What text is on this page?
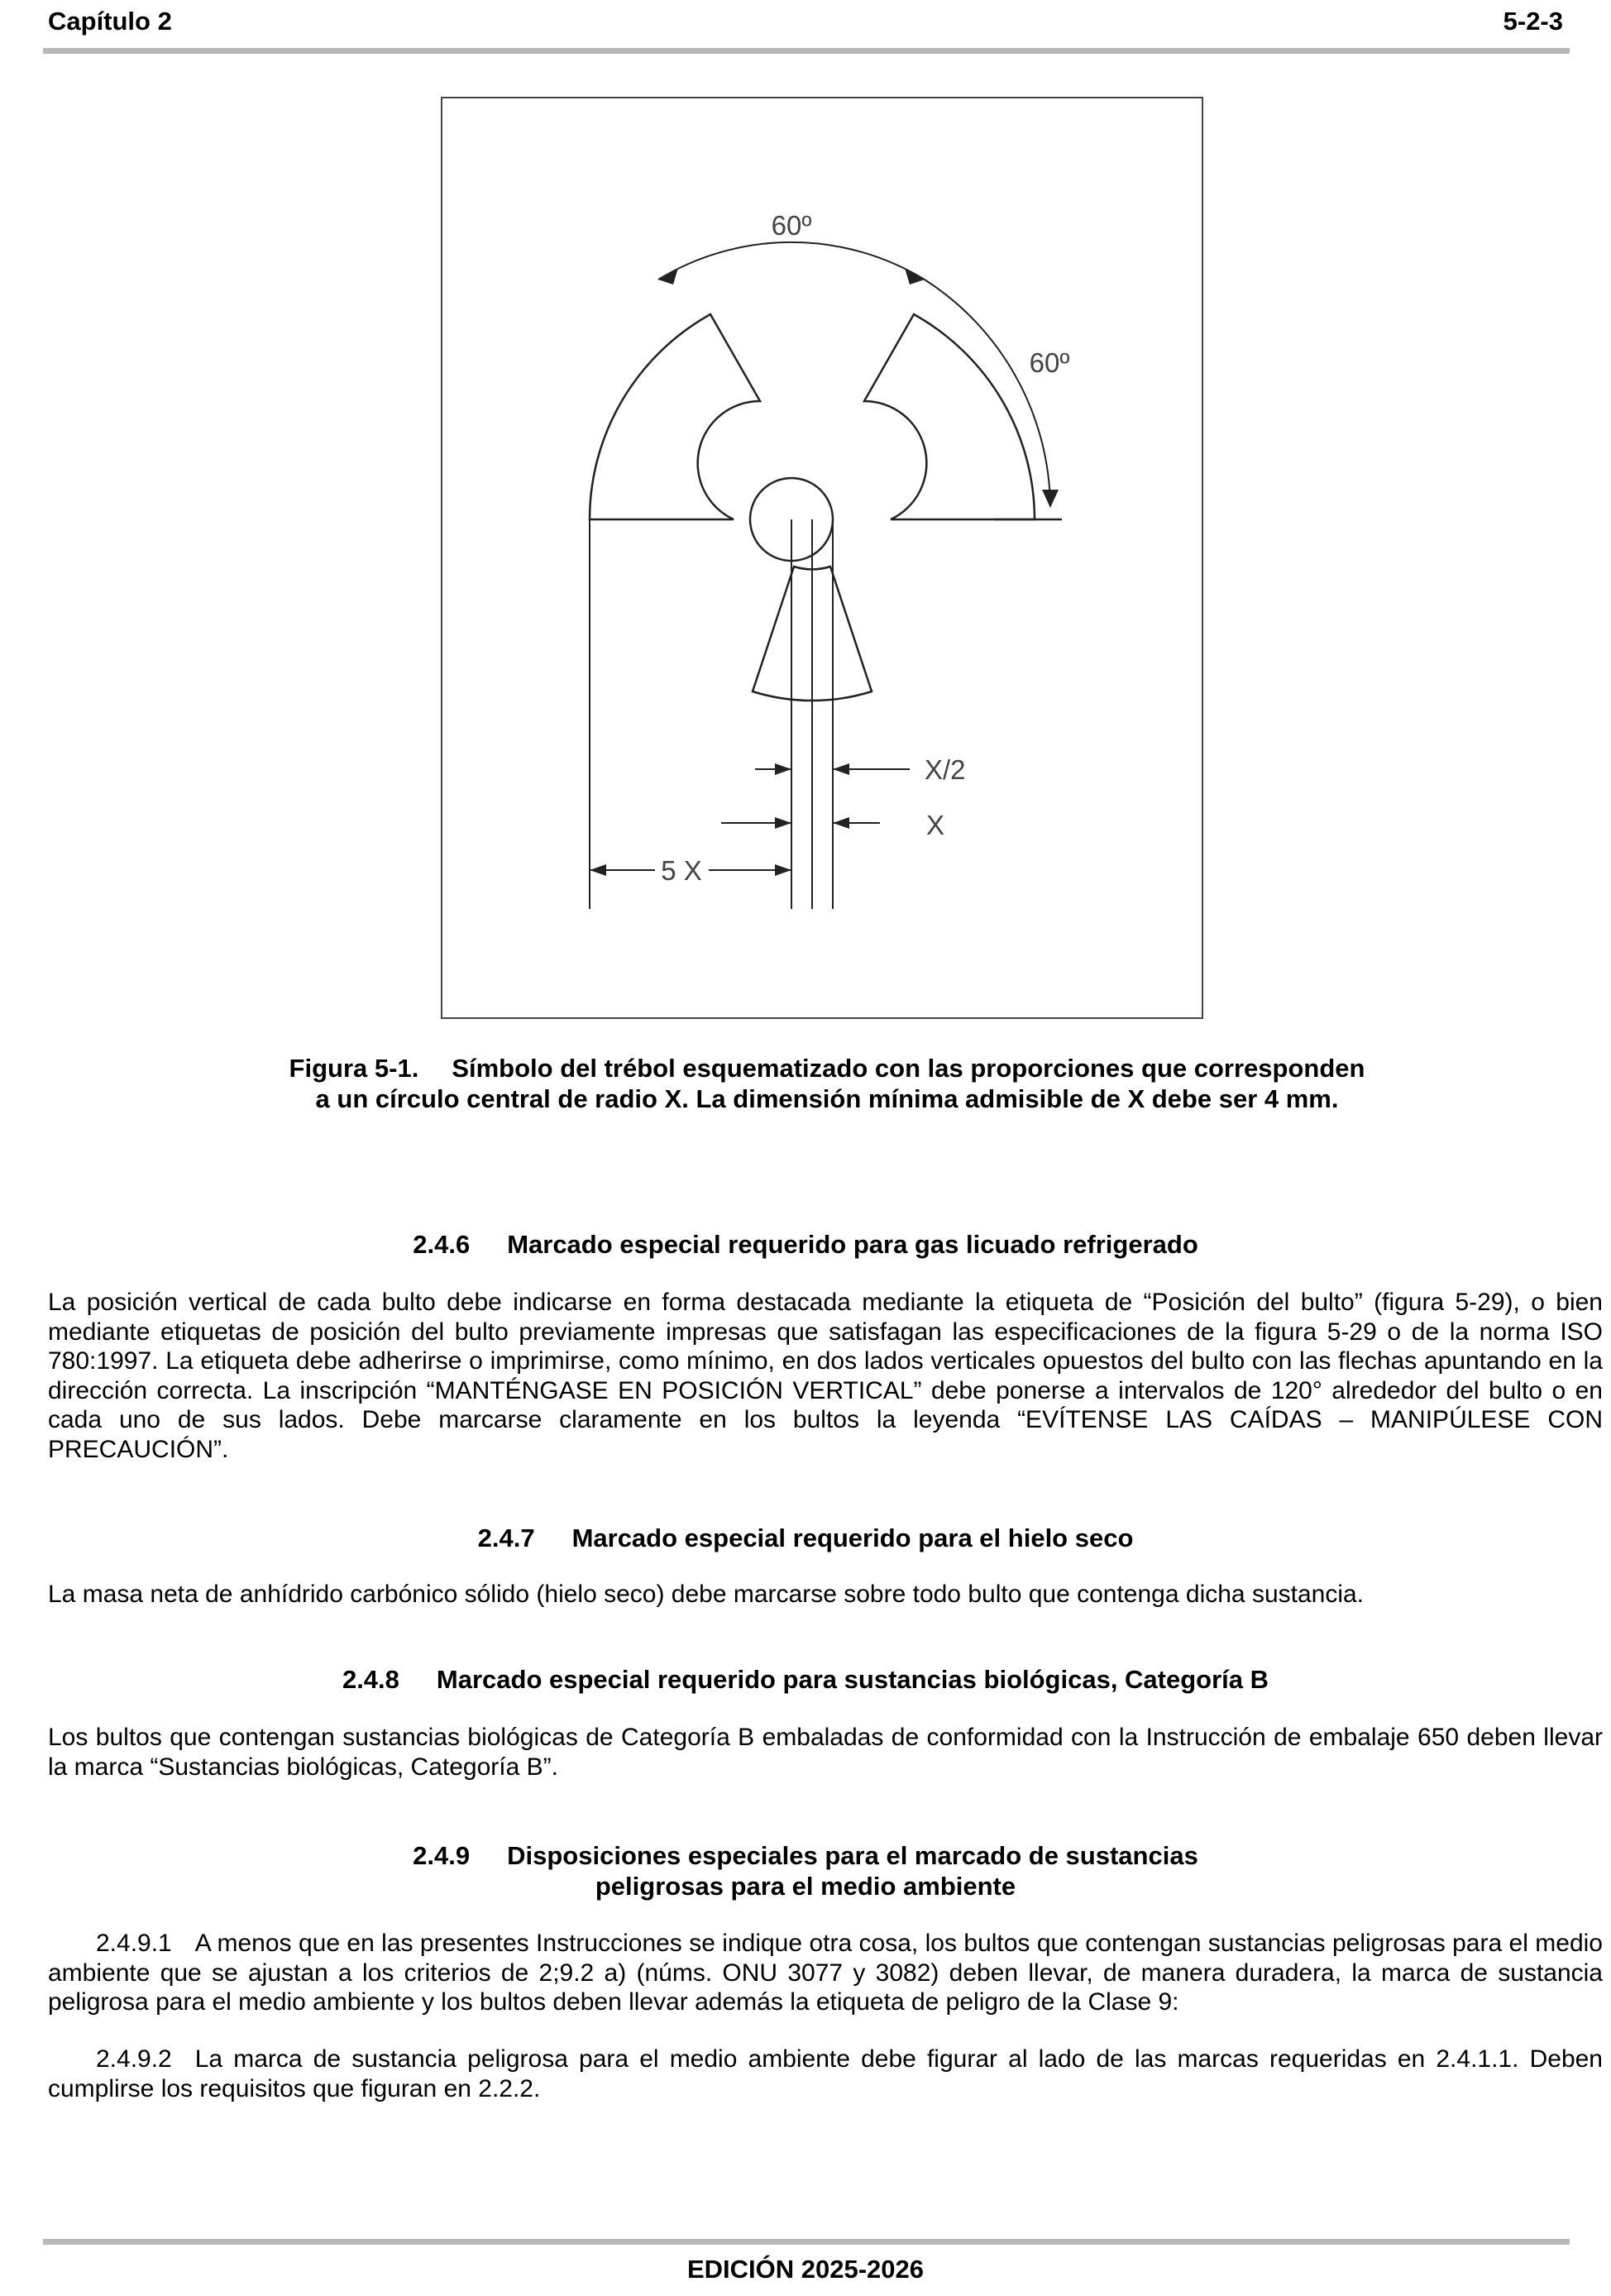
Capítulo 2	5-2-3
60º
60º
X/2
X
5 X
Figura 5-1. Símbolo del trébol esquematizado con las proporciones que corresponden
a un círculo central de radio X. La dimensión mínima admisible de X debe ser 4 mm.
2.4.6 Marcado especial requerido para gas licuado refrigerado
La posición vertical de cada bulto debe indicarse en forma destacada mediante la etiqueta de “Posición del bulto” (figura 5-29), o bien mediante etiquetas de posición del bulto previamente impresas que satisfagan las especificaciones de la figura 5-29 o de la norma ISO 780:1997. La etiqueta debe adherirse o imprimirse, como mínimo, en dos lados verticales opuestos del bulto con las flechas apuntando en la dirección correcta. La inscripción “MANTÉNGASE EN POSICIÓN VERTICAL” debe ponerse a intervalos de 120° alrededor del bulto o en cada uno de sus lados. Debe marcarse claramente en los bultos la leyenda “EVÍTENSE LAS CAÍDAS – MANIPÚLESE CON PRECAUCIÓN”.
2.4.7 Marcado especial requerido para el hielo seco
La masa neta de anhídrido carbónico sólido (hielo seco) debe marcarse sobre todo bulto que contenga dicha sustancia.
2.4.8 Marcado especial requerido para sustancias biológicas, Categoría B
Los bultos que contengan sustancias biológicas de Categoría B embaladas de conformidad con la Instrucción de embalaje 650 deben llevar la marca “Sustancias biológicas, Categoría B”.
2.4.9 Disposiciones especiales para el marcado de sustancias
peligrosas para el medio ambiente
2.4.9.1 A menos que en las presentes Instrucciones se indique otra cosa, los bultos que contengan sustancias peligrosas para el medio ambiente que se ajustan a los criterios de 2;9.2 a) (núms. ONU 3077 y 3082) deben llevar, de manera duradera, la marca de sustancia peligrosa para el medio ambiente y los bultos deben llevar además la etiqueta de peligro de la Clase 9:
2.4.9.2 La marca de sustancia peligrosa para el medio ambiente debe figurar al lado de las marcas requeridas en 2.4.1.1. Deben cumplirse los requisitos que figuran en 2.2.2.
EDICIÓN 2025-2026
